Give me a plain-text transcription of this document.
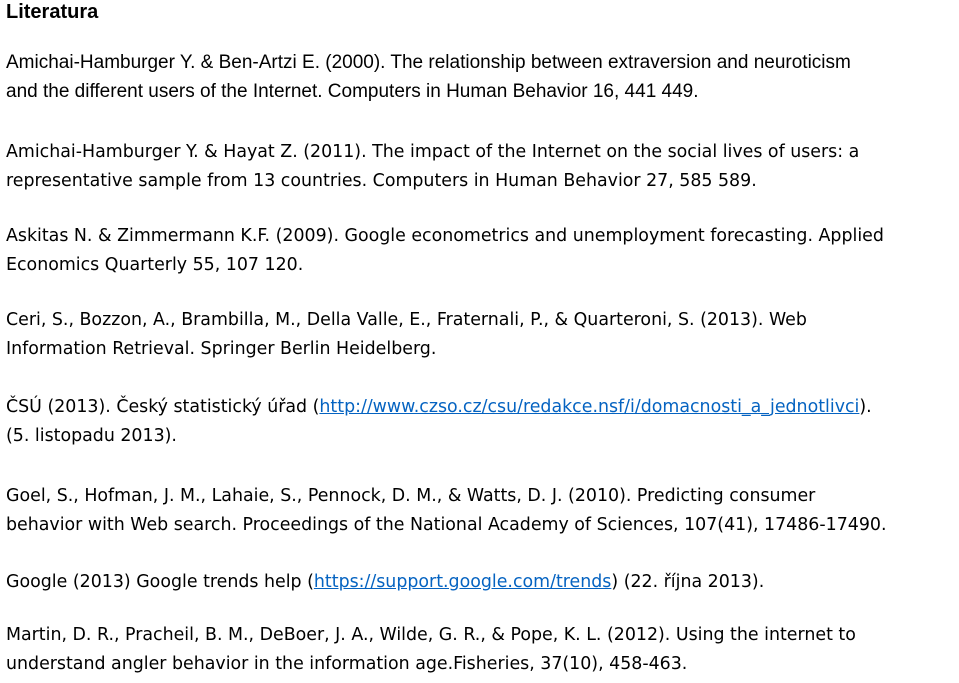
Literatura

Amichai-Hamburger Y. & Ben-Artzi E. (2000). The relationship between extraversion and neuroticism
and the different users of the Internet. Computers in Human Behavior 16, 441 449.

Amichai-Hamburger Y. & Hayat Z. (2011). The impact of the Internet on the social lives of users: a
representative sample from 13 countries. Computers in Human Behavior 27, 585 589.

Askitas N. & Zimmermann K.F. (2009). Google econometrics and unemployment forecasting. Applied
Economics Quarterly 55, 107 120.

Ceri, S., Bozzon, A., Brambilla, M., Della Valle, E., Fraternali, P., & Quarteroni, S. (2013). Web
Information Retrieval. Springer Berlin Heidelberg.

ČSÚ (2013). Český statistický úřad (http://www.czso.cz/csu/redakce.nsf/i/domacnosti_a_jednotlivci).
(5. listopadu 2013).

Goel, S., Hofman, J. M., Lahaie, S., Pennock, D. M., & Watts, D. J. (2010). Predicting consumer
behavior with Web search. Proceedings of the National Academy of Sciences, 107(41), 17486-17490.

Google (2013) Google trends help (https://support.google.com/trends) (22. října 2013).

Martin, D. R., Pracheil, B. M., DeBoer, J. A., Wilde, G. R., & Pope, K. L. (2012). Using the internet to
understand angler behavior in the information age.Fisheries, 37(10), 458-463.
